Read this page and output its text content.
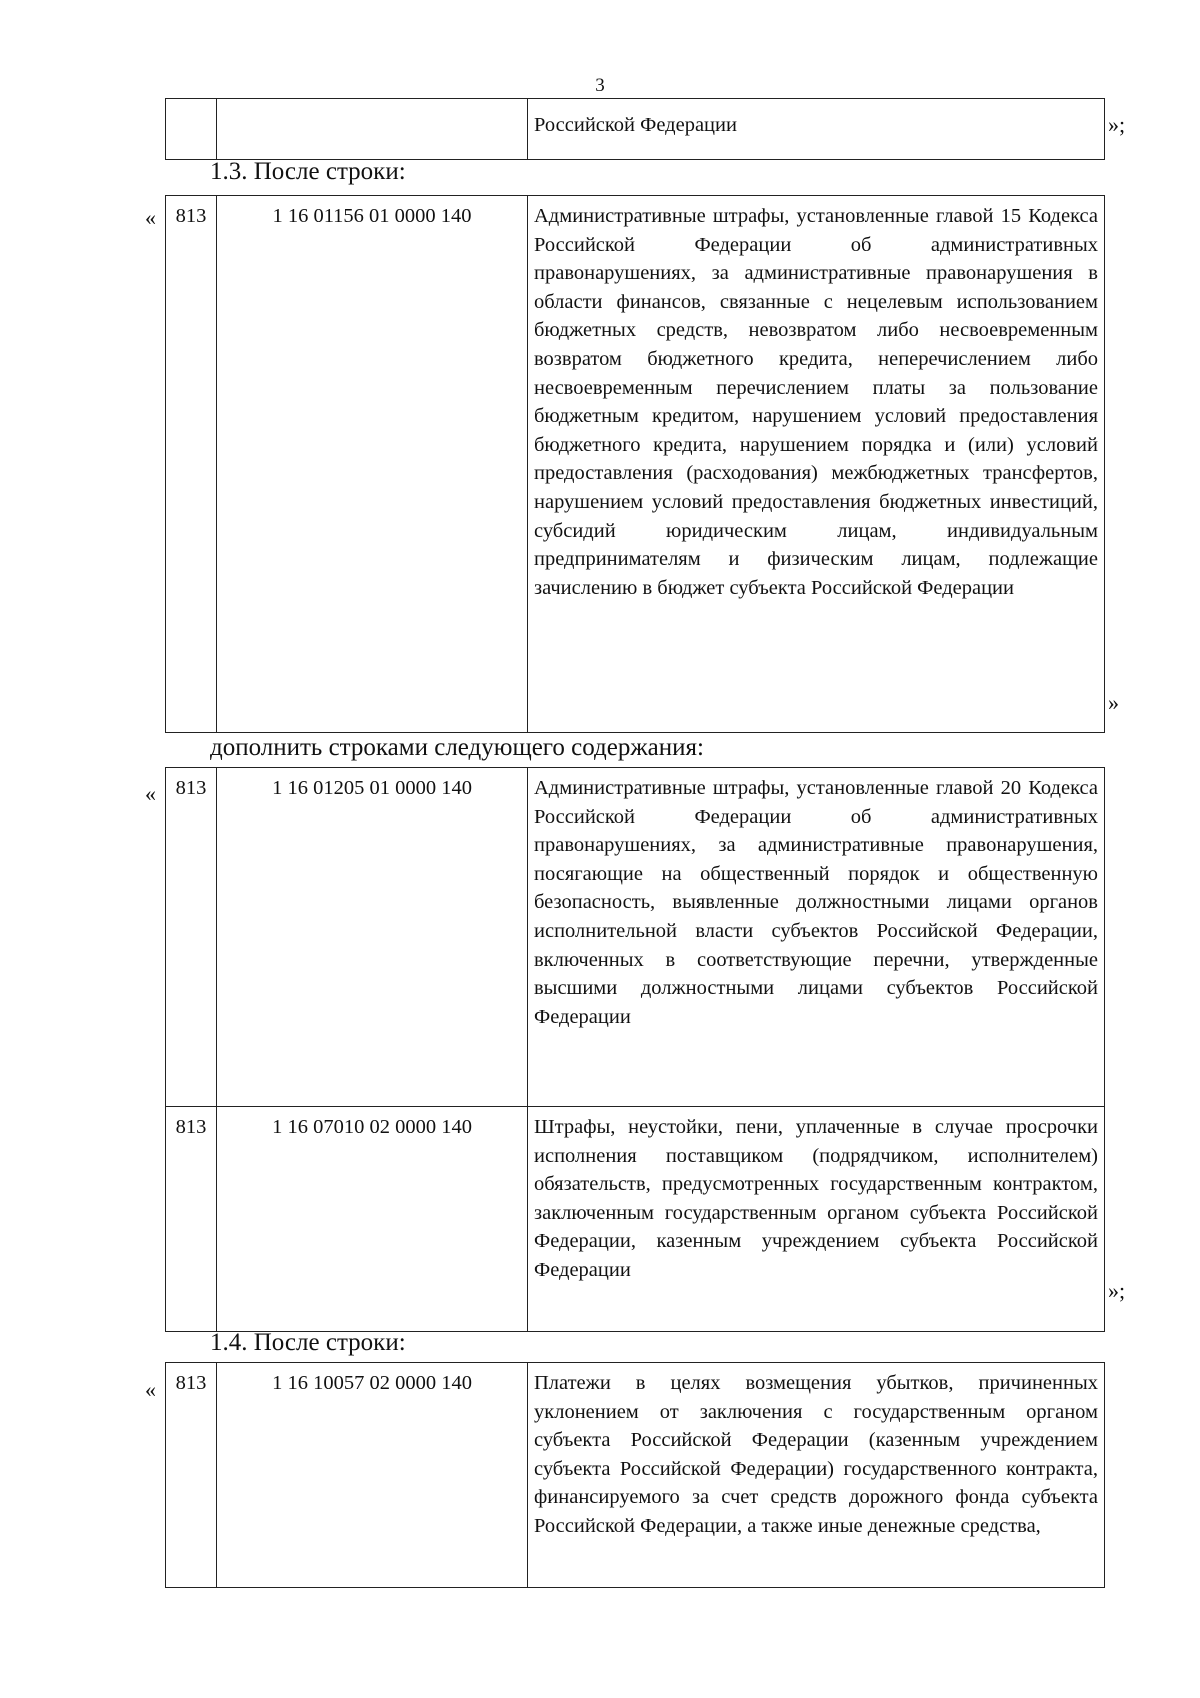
3
		Российской Федерации	»;
1.3. После строки:
« 813	1 16 01156 01 0000 140	Административные штрафы, установленные главой 15 Кодекса Российской Федерации об административных правонарушениях, за административные правонарушения в области финансов, связанные с нецелевым использованием бюджетных средств, невозвратом либо несвоевременным возвратом бюджетного кредита, неперечислением либо несвоевременным перечислением платы за пользование бюджетным кредитом, нарушением условий предоставления бюджетного кредита, нарушением порядка и (или) условий предоставления (расходования) межбюджетных трансфертов, нарушением условий предоставления бюджетных инвестиций, субсидий юридическим лицам, индивидуальным предпринимателям и физическим лицам, подлежащие зачислению в бюджет субъекта Российской Федерации
»
дополнить строками следующего содержания:
« 813	1 16 01205 01 0000 140	Административные штрафы, установленные главой 20 Кодекса Российской Федерации об административных правонарушениях, за административные правонарушения, посягающие на общественный порядок и общественную безопасность, выявленные должностными лицами органов исполнительной власти субъектов Российской Федерации, включенных в соответствующие перечни, утвержденные высшими должностными лицами субъектов Российской Федерации
813	1 16 07010 02 0000 140	Штрафы, неустойки, пени, уплаченные в случае просрочки исполнения поставщиком (подрядчиком, исполнителем) обязательств, предусмотренных государственным контрактом, заключенным государственным органом субъекта Российской Федерации, казенным учреждением субъекта Российской Федерации
»;
1.4. После строки:
« 813	1 16 10057 02 0000 140	Платежи в целях возмещения убытков, причиненных уклонением от заключения с государственным органом субъекта Российской Федерации (казенным учреждением субъекта Российской Федерации) государственного контракта, финансируемого за счет средств дорожного фонда субъекта Российской Федерации, а также иные денежные средства,
